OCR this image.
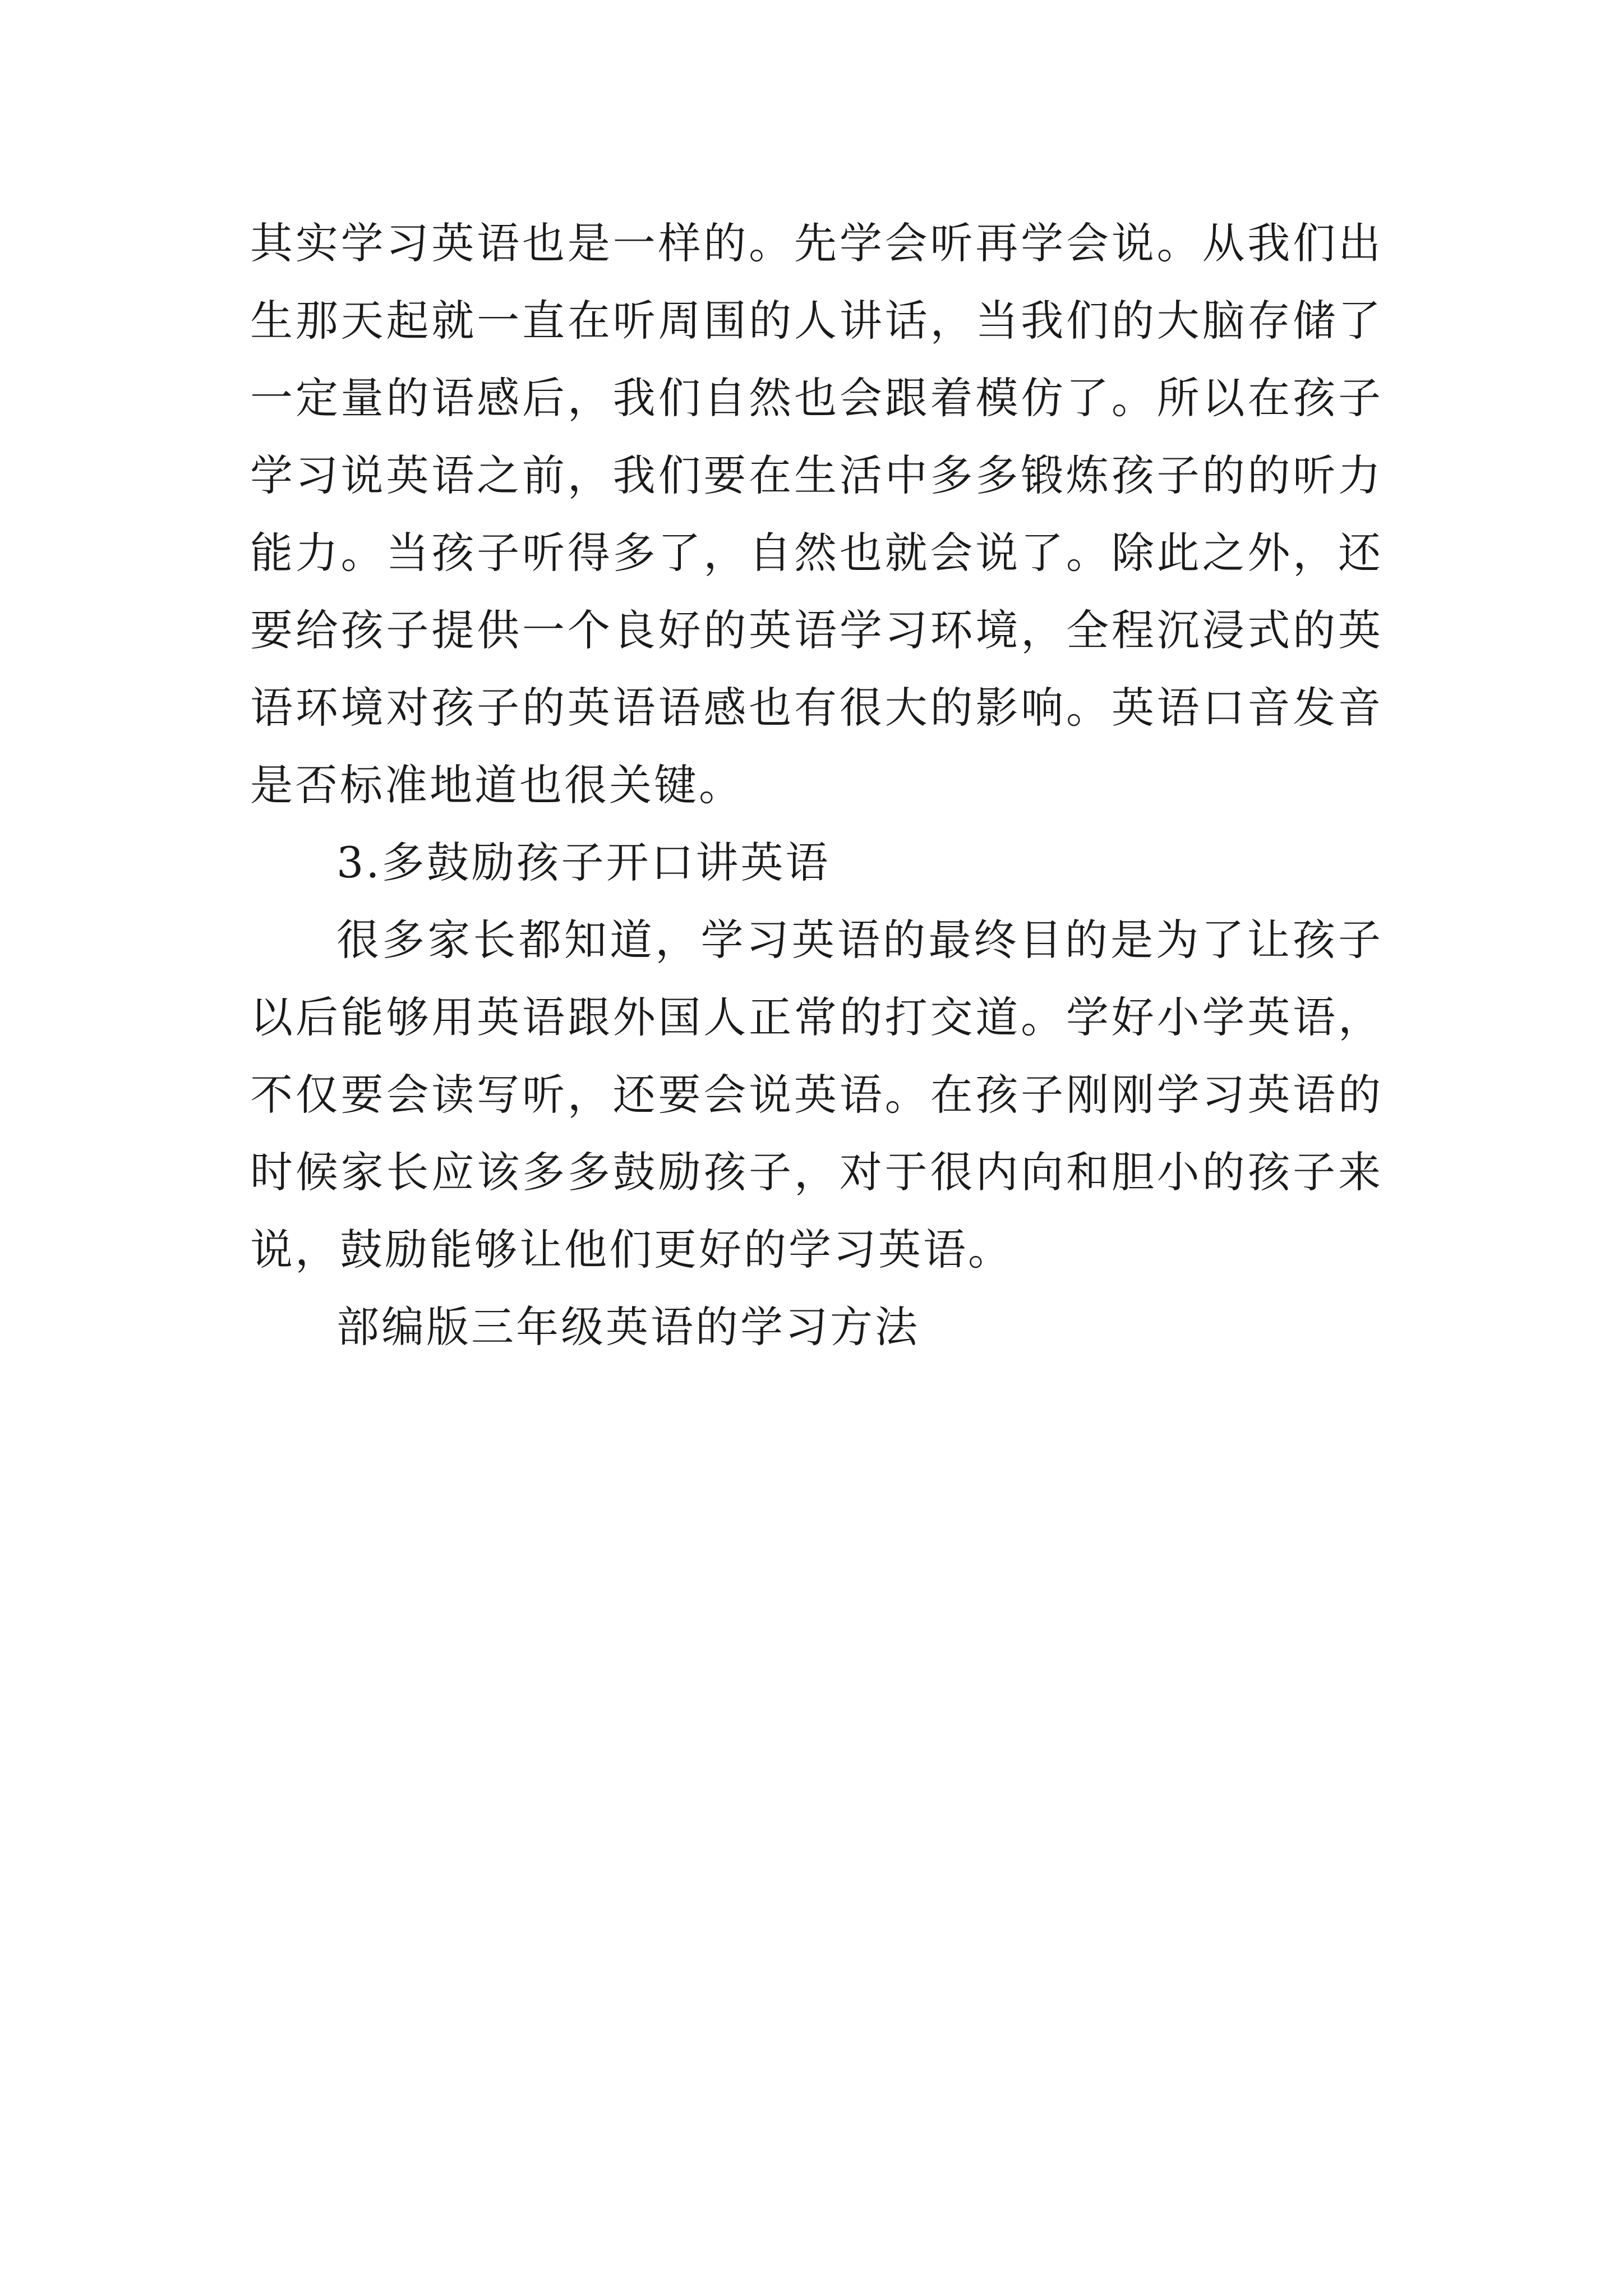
其实学习英语也是一样的。先学会听再学会说。从我们出生那天起就一直在听周围的人讲话，当我们的大脑存储了一定量的语感后，我们自然也会跟着模仿了。所以在孩子学习说英语之前，我们要在生活中多多锻炼孩子的的听力能力。当孩子听得多了，自然也就会说了。除此之外，还要给孩子提供一个良好的英语学习环境，全程沉浸式的英语环境对孩子的英语语感也有很大的影响。英语口音发音是否标准地道也很关键。

3.多鼓励孩子开口讲英语

很多家长都知道，学习英语的最终目的是为了让孩子以后能够用英语跟外国人正常的打交道。学好小学英语，不仅要会读写听，还要会说英语。在孩子刚刚学习英语的时候家长应该多多鼓励孩子，对于很内向和胆小的孩子来说，鼓励能够让他们更好的学习英语。

部编版三年级英语的学习方法
